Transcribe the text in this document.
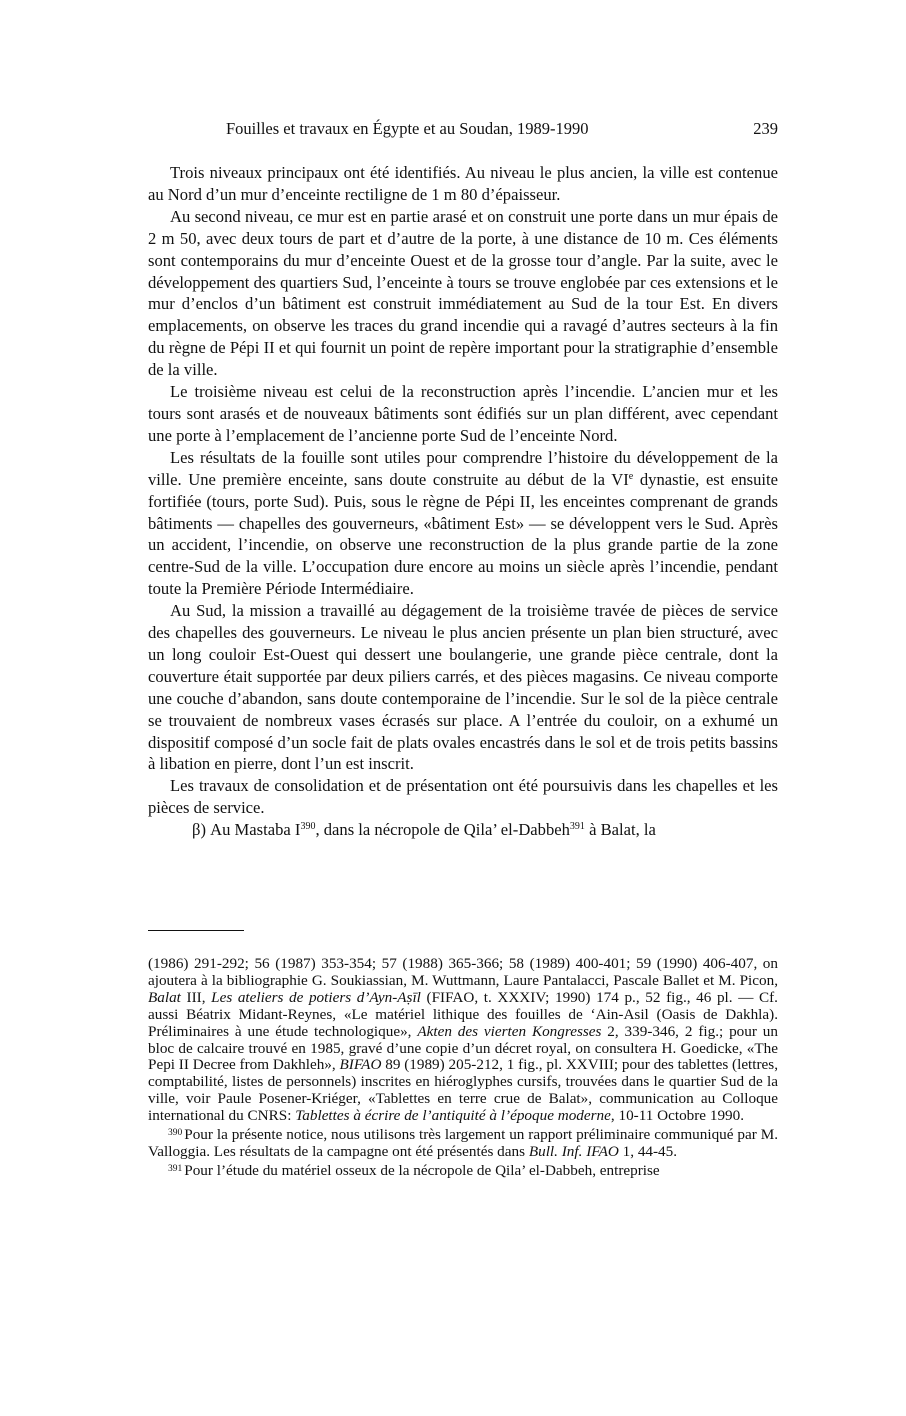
Fouilles et travaux en Égypte et au Soudan, 1989-1990	239

Trois niveaux principaux ont été identifiés. Au niveau le plus ancien, la ville est contenue au Nord d’un mur d’enceinte rectiligne de 1 m 80 d’épaisseur.

Au second niveau, ce mur est en partie arasé et on construit une porte dans un mur épais de 2 m 50, avec deux tours de part et d’autre de la porte, à une distance de 10 m. Ces éléments sont contemporains du mur d’enceinte Ouest et de la grosse tour d’angle. Par la suite, avec le développement des quartiers Sud, l’enceinte à tours se trouve englobée par ces extensions et le mur d’enclos d’un bâtiment est construit immédiatement au Sud de la tour Est. En divers emplacements, on observe les traces du grand incendie qui a ravagé d’autres secteurs à la fin du règne de Pépi II et qui fournit un point de repère important pour la stratigraphie d’ensemble de la ville.

Le troisième niveau est celui de la reconstruction après l’incendie. L’ancien mur et les tours sont arasés et de nouveaux bâtiments sont édifiés sur un plan différent, avec cependant une porte à l’emplacement de l’ancienne porte Sud de l’enceinte Nord.

Les résultats de la fouille sont utiles pour comprendre l’histoire du développement de la ville. Une première enceinte, sans doute construite au début de la VIe dynastie, est ensuite fortifiée (tours, porte Sud). Puis, sous le règne de Pépi II, les enceintes comprenant de grands bâtiments — chapelles des gouverneurs, «bâtiment Est» — se développent vers le Sud. Après un accident, l’incendie, on observe une reconstruction de la plus grande partie de la zone centre-Sud de la ville. L’occupation dure encore au moins un siècle après l’incendie, pendant toute la Première Période Intermédiaire.

Au Sud, la mission a travaillé au dégagement de la troisième travée de pièces de service des chapelles des gouverneurs. Le niveau le plus ancien présente un plan bien structuré, avec un long couloir Est-Ouest qui dessert une boulangerie, une grande pièce centrale, dont la couverture était supportée par deux piliers carrés, et des pièces magasins. Ce niveau comporte une couche d’abandon, sans doute contemporaine de l’incendie. Sur le sol de la pièce centrale se trouvaient de nombreux vases écrasés sur place. A l’entrée du couloir, on a exhumé un dispositif composé d’un socle fait de plats ovales encastrés dans le sol et de trois petits bassins à libation en pierre, dont l’un est inscrit.

Les travaux de consolidation et de présentation ont été poursuivis dans les chapelles et les pièces de service.

β) Au Mastaba $I^{390}$, dans la nécropole de Qila’ el-Dabbeh$^{391}$ à Balat, la

(1986) 291-292; 56 (1987) 353-354; 57 (1988) 365-366; 58 (1989) 400-401; 59 (1990) 406-407, on ajoutera à la bibliographie G. Soukiassian, M. Wuttmann, Laure Pantalacci, Pascale Ballet et M. Picon, Balat III, Les ateliers de potiers d’Ayn-Aṣīl (FIFAO, t. XXXIV; 1990) 174 p., 52 fig., 46 pl. — Cf. aussi Béatrix Midant-Reynes, «Le matériel lithique des fouilles de ‘Ain-Asil (Oasis de Dakhla). Préliminaires à une étude technologique», Akten des vierten Kongresses 2, 339-346, 2 fig.; pour un bloc de calcaire trouvé en 1985, gravé d’une copie d’un décret royal, on consultera H. Goedicke, «The Pepi II Decree from Dakhleh», BIFAO 89 (1989) 205-212, 1 fig., pl. XXVIII; pour des tablettes (lettres, comptabilité, listes de personnels) inscrites en hiéroglyphes cursifs, trouvées dans le quartier Sud de la ville, voir Paule Posener-Kriéger, «Tablettes en terre crue de Balat», communication au Colloque international du CNRS: Tablettes à écrire de l’antiquité à l’époque moderne, 10-11 Octobre 1990.

$^{390}$ Pour la présente notice, nous utilisons très largement un rapport préliminaire communiqué par M. Valloggia. Les résultats de la campagne ont été présentés dans Bull. Inf. IFAO 1, 44-45.

$^{391}$ Pour l’étude du matériel osseux de la nécropole de Qila’ el-Dabbeh, entreprise
